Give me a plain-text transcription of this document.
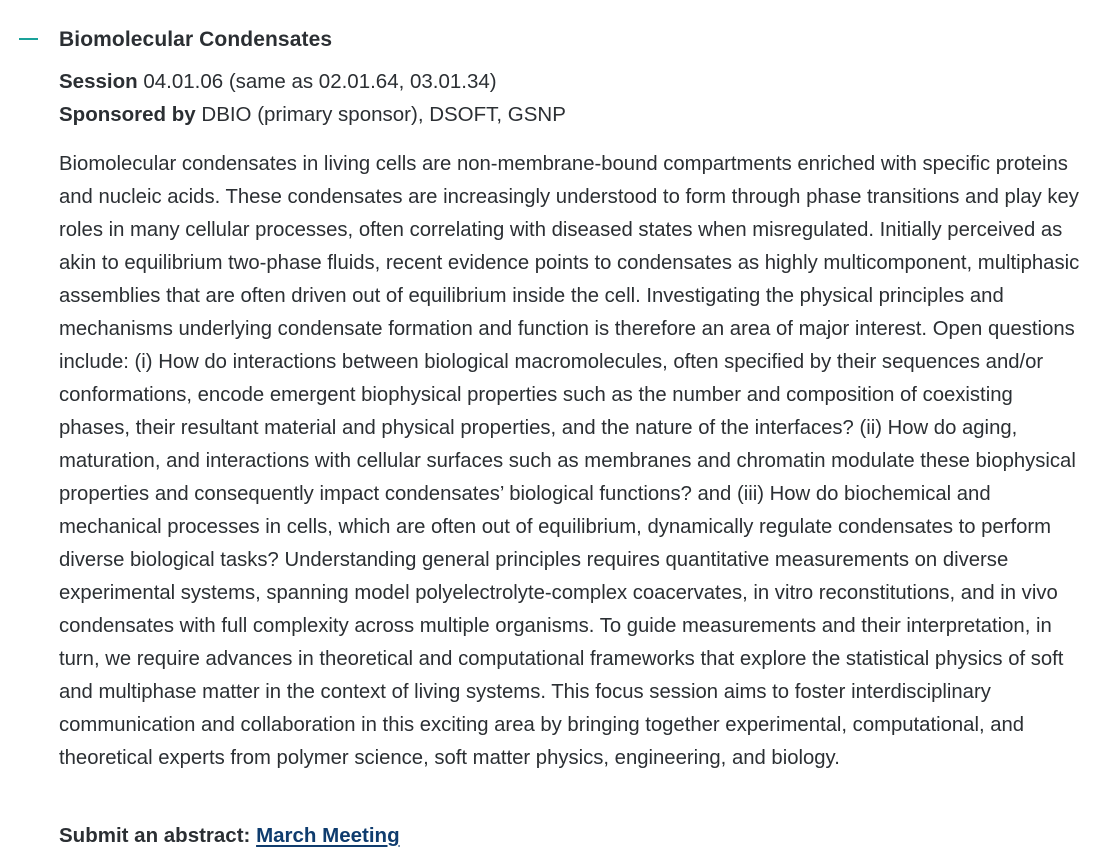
Biomolecular Condensates
Session 04.01.06 (same as 02.01.64, 03.01.34)
Sponsored by DBIO (primary sponsor), DSOFT, GSNP

Biomolecular condensates in living cells are non-membrane-bound compartments enriched with specific proteins and nucleic acids. These condensates are increasingly understood to form through phase transitions and play key roles in many cellular processes, often correlating with diseased states when misregulated. Initially perceived as akin to equilibrium two-phase fluids, recent evidence points to condensates as highly multicomponent, multiphasic assemblies that are often driven out of equilibrium inside the cell. Investigating the physical principles and mechanisms underlying condensate formation and function is therefore an area of major interest. Open questions include: (i) How do interactions between biological macromolecules, often specified by their sequences and/or conformations, encode emergent biophysical properties such as the number and composition of coexisting phases, their resultant material and physical properties, and the nature of the interfaces? (ii) How do aging, maturation, and interactions with cellular surfaces such as membranes and chromatin modulate these biophysical properties and consequently impact condensates’ biological functions? and (iii) How do biochemical and mechanical processes in cells, which are often out of equilibrium, dynamically regulate condensates to perform diverse biological tasks? Understanding general principles requires quantitative measurements on diverse experimental systems, spanning model polyelectrolyte-complex coacervates, in vitro reconstitutions, and in vivo condensates with full complexity across multiple organisms. To guide measurements and their interpretation, in turn, we require advances in theoretical and computational frameworks that explore the statistical physics of soft and multiphase matter in the context of living systems. This focus session aims to foster interdisciplinary communication and collaboration in this exciting area by bringing together experimental, computational, and theoretical experts from polymer science, soft matter physics, engineering, and biology.

Submit an abstract: March Meeting
